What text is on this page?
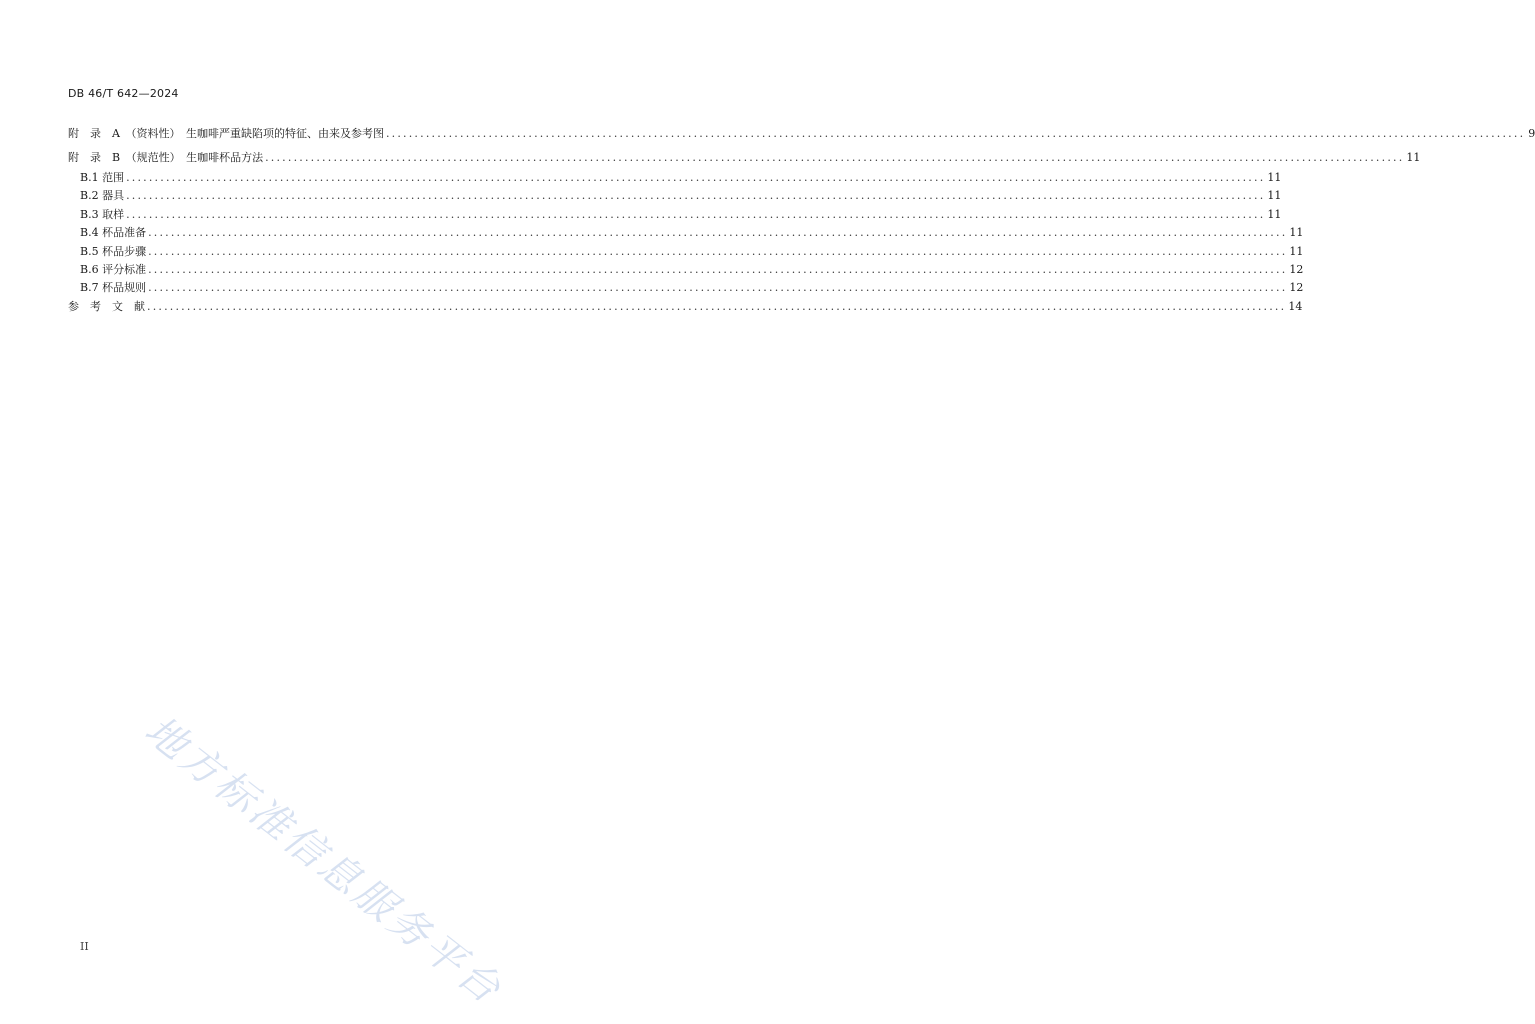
DB 46/T 642—2024
附　录　A　（资料性）　生咖啡严重缺陷项的特征、由来及参考图 ........................................................................................................................................................................................................ 9
附　录　B　（规范性）　生咖啡杯品方法 ........................................................................................................................................................................................................ 11
B.1 范围 ........................................................................................................................................................................................................ 11
B.2 器具 ........................................................................................................................................................................................................ 11
B.3 取样 ........................................................................................................................................................................................................ 11
B.4 杯品准备 ........................................................................................................................................................................................................ 11
B.5 杯品步骤 ........................................................................................................................................................................................................ 11
B.6 评分标准 ........................................................................................................................................................................................................ 12
B.7 杯品规则 ........................................................................................................................................................................................................ 12
参　考　文　献 ........................................................................................................................................................................................................ 14
地方标准信息服务平台
II
